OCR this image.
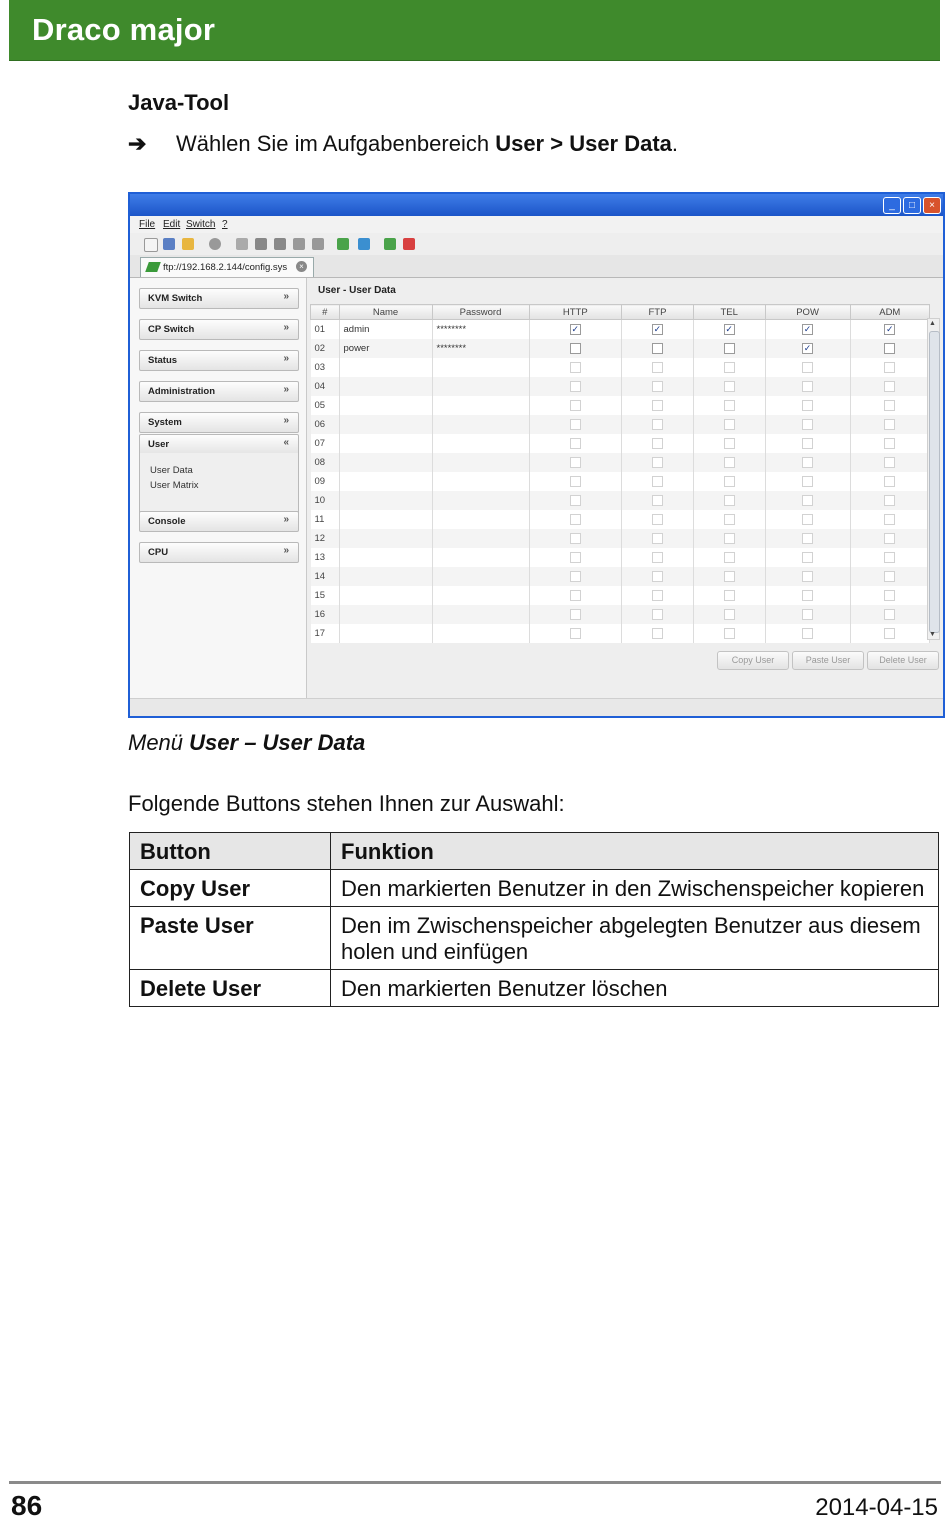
Draco major
Java-Tool
➔ Wählen Sie im Aufgabenbereich User > User Data.
_	□	×
File Edit Switch ?
ftp://192.168.2.144/config.sys	×
KVM Switch	»
CP Switch	»
Status	»
Administration	»
System	»
User	«
User Data
User Matrix
Console	»
CPU	»
User - User Data
#	Name	Password	HTTP	FTP	TEL	POW	ADM
01	admin	********	✓	✓	✓	✓	✓
02	power	********				✓	
03							
04							
05							
06							
07							
08							
09							
10							
11							
12							
13							
14							
15							
16							
17							
▲
▼
Copy User	Paste User	Delete User
Menü User – User Data
Folgende Buttons stehen Ihnen zur Auswahl:
Button	Funktion
Copy User	Den markierten Benutzer in den Zwischenspeicher kopieren
Paste User	Den im Zwischenspeicher abgelegten Benutzer aus diesem holen und einfügen
Delete User	Den markierten Benutzer löschen
86	2014-04-15
